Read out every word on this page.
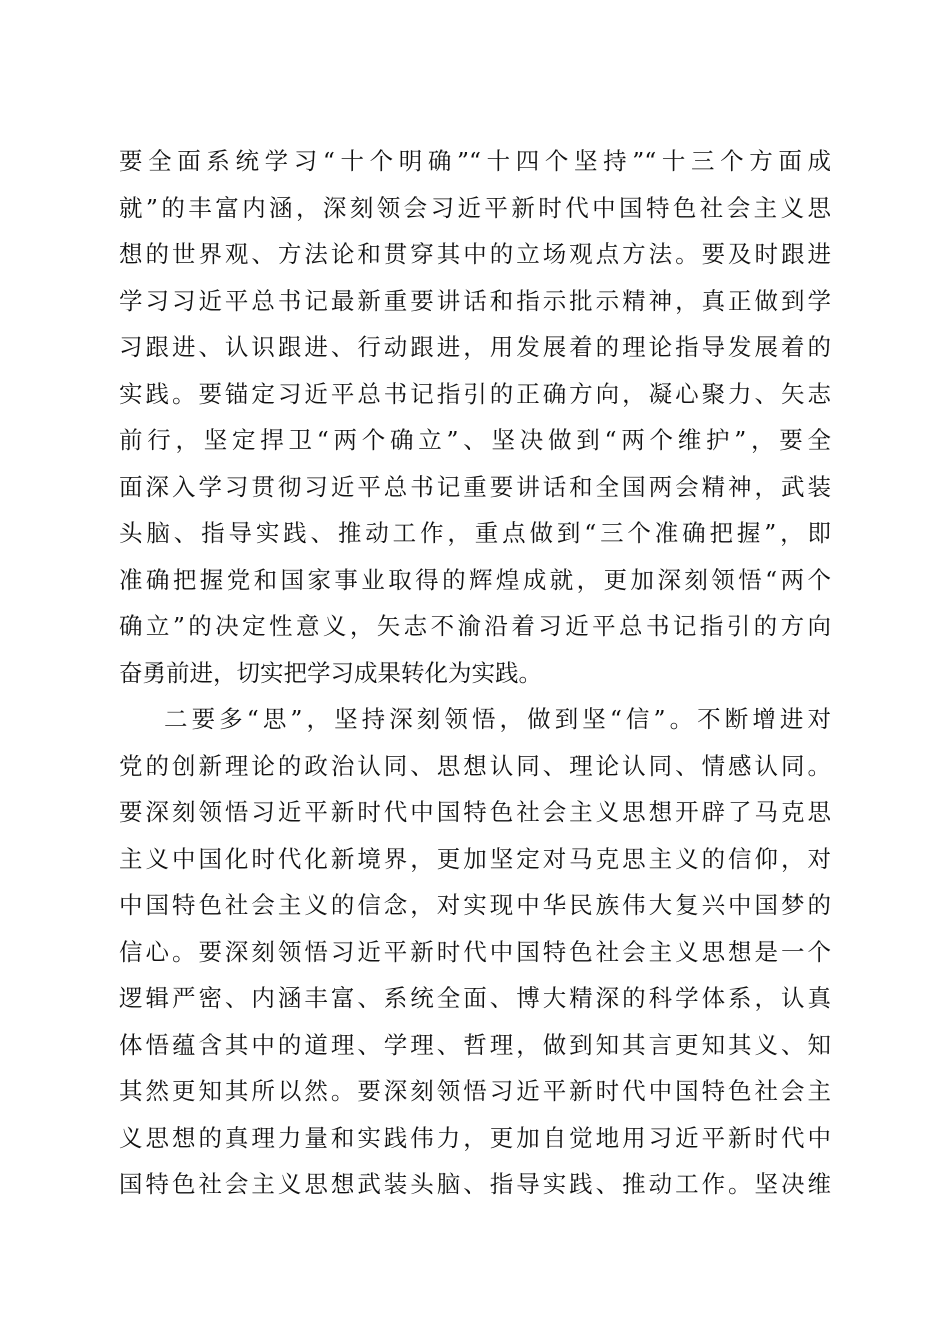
要全面系统学习“十个明确”“十四个坚持”“十三个方面成
就”的丰富内涵，深刻领会习近平新时代中国特色社会主义思
想的世界观、方法论和贯穿其中的立场观点方法。要及时跟进
学习习近平总书记最新重要讲话和指示批示精神，真正做到学
习跟进、认识跟进、行动跟进，用发展着的理论指导发展着的
实践。要锚定习近平总书记指引的正确方向，凝心聚力、矢志
前行，坚定捍卫“两个确立”、坚决做到“两个维护”，要全
面深入学习贯彻习近平总书记重要讲话和全国两会精神，武装
头脑、指导实践、推动工作，重点做到“三个准确把握”，即
准确把握党和国家事业取得的辉煌成就，更加深刻领悟“两个
确立”的决定性意义，矢志不渝沿着习近平总书记指引的方向
奋勇前进，切实把学习成果转化为实践。
二要多“思”，坚持深刻领悟，做到坚“信”。不断增进对
党的创新理论的政治认同、思想认同、理论认同、情感认同。
要深刻领悟习近平新时代中国特色社会主义思想开辟了马克思
主义中国化时代化新境界，更加坚定对马克思主义的信仰，对
中国特色社会主义的信念，对实现中华民族伟大复兴中国梦的
信心。要深刻领悟习近平新时代中国特色社会主义思想是一个
逻辑严密、内涵丰富、系统全面、博大精深的科学体系，认真
体悟蕴含其中的道理、学理、哲理，做到知其言更知其义、知
其然更知其所以然。要深刻领悟习近平新时代中国特色社会主
义思想的真理力量和实践伟力，更加自觉地用习近平新时代中
国特色社会主义思想武装头脑、指导实践、推动工作。坚决维
